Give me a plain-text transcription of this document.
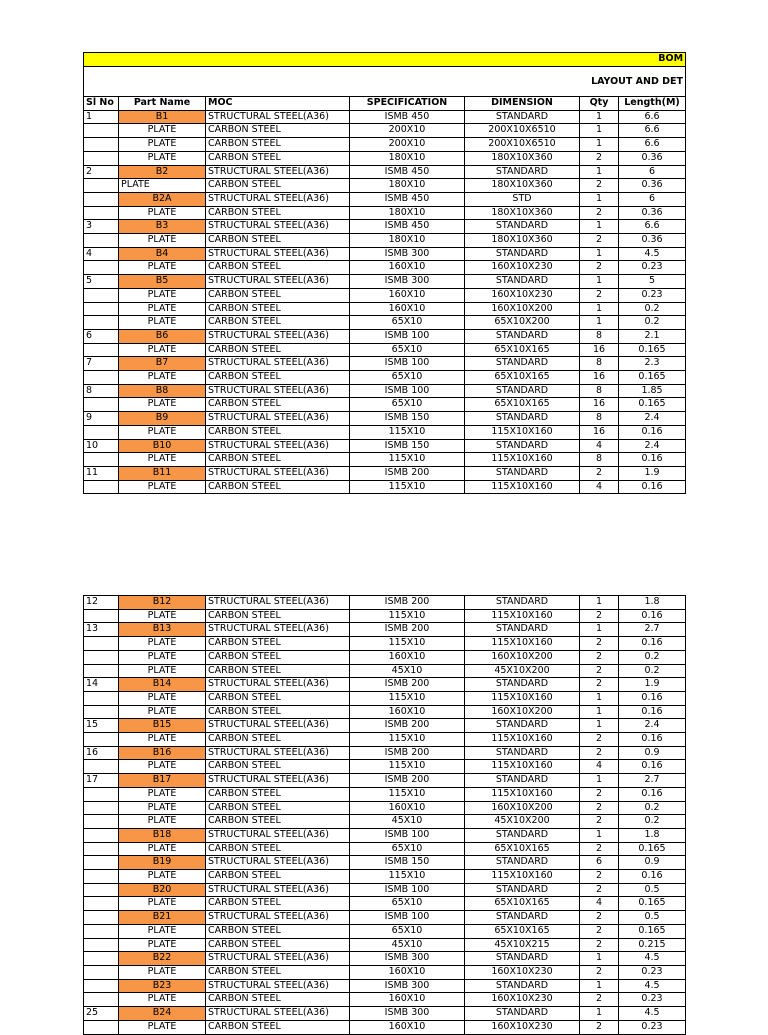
BOM						
LAYOUT AND DET						
Sl No	Part Name	MOC	SPECIFICATION	DIMENSION	Qty	Length(M)
1	B1	STRUCTURAL STEEL(A36)	ISMB 450	STANDARD	1	6.6
	PLATE	CARBON STEEL	200X10	200X10X6510	1	6.6
	PLATE	CARBON STEEL	200X10	200X10X6510	1	6.6
	PLATE	CARBON STEEL	180X10	180X10X360	2	0.36
2	B2	STRUCTURAL STEEL(A36)	ISMB 450	STANDARD	1	6
	PLATE	CARBON STEEL	180X10	180X10X360	2	0.36
	B2A	STRUCTURAL STEEL(A36)	ISMB 450	STD	1	6
	PLATE	CARBON STEEL	180X10	180X10X360	2	0.36
3	B3	STRUCTURAL STEEL(A36)	ISMB 450	STANDARD	1	6.6
	PLATE	CARBON STEEL	180X10	180X10X360	2	0.36
4	B4	STRUCTURAL STEEL(A36)	ISMB 300	STANDARD	1	4.5
	PLATE	CARBON STEEL	160X10	160X10X230	2	0.23
5	B5	STRUCTURAL STEEL(A36)	ISMB 300	STANDARD	1	5
	PLATE	CARBON STEEL	160X10	160X10X230	2	0.23
	PLATE	CARBON STEEL	160X10	160X10X200	1	0.2
	PLATE	CARBON STEEL	65X10	65X10X200	1	0.2
6	B6	STRUCTURAL STEEL(A36)	ISMB 100	STANDARD	8	2.1
	PLATE	CARBON STEEL	65X10	65X10X165	16	0.165
7	B7	STRUCTURAL STEEL(A36)	ISMB 100	STANDARD	8	2.3
	PLATE	CARBON STEEL	65X10	65X10X165	16	0.165
8	B8	STRUCTURAL STEEL(A36)	ISMB 100	STANDARD	8	1.85
	PLATE	CARBON STEEL	65X10	65X10X165	16	0.165
9	B9	STRUCTURAL STEEL(A36)	ISMB 150	STANDARD	8	2.4
	PLATE	CARBON STEEL	115X10	115X10X160	16	0.16
10	B10	STRUCTURAL STEEL(A36)	ISMB 150	STANDARD	4	2.4
	PLATE	CARBON STEEL	115X10	115X10X160	8	0.16
11	B11	STRUCTURAL STEEL(A36)	ISMB 200	STANDARD	2	1.9
	PLATE	CARBON STEEL	115X10	115X10X160	4	0.16
12	B12	STRUCTURAL STEEL(A36)	ISMB 200	STANDARD	1	1.8
	PLATE	CARBON STEEL	115X10	115X10X160	2	0.16
13	B13	STRUCTURAL STEEL(A36)	ISMB 200	STANDARD	1	2.7
	PLATE	CARBON STEEL	115X10	115X10X160	2	0.16
	PLATE	CARBON STEEL	160X10	160X10X200	2	0.2
	PLATE	CARBON STEEL	45X10	45X10X200	2	0.2
14	B14	STRUCTURAL STEEL(A36)	ISMB 200	STANDARD	2	1.9
	PLATE	CARBON STEEL	115X10	115X10X160	1	0.16
	PLATE	CARBON STEEL	160X10	160X10X200	1	0.16
15	B15	STRUCTURAL STEEL(A36)	ISMB 200	STANDARD	1	2.4
	PLATE	CARBON STEEL	115X10	115X10X160	2	0.16
16	B16	STRUCTURAL STEEL(A36)	ISMB 200	STANDARD	2	0.9
	PLATE	CARBON STEEL	115X10	115X10X160	4	0.16
17	B17	STRUCTURAL STEEL(A36)	ISMB 200	STANDARD	1	2.7
	PLATE	CARBON STEEL	115X10	115X10X160	2	0.16
	PLATE	CARBON STEEL	160X10	160X10X200	2	0.2
	PLATE	CARBON STEEL	45X10	45X10X200	2	0.2
	B18	STRUCTURAL STEEL(A36)	ISMB 100	STANDARD	1	1.8
	PLATE	CARBON STEEL	65X10	65X10X165	2	0.165
	B19	STRUCTURAL STEEL(A36)	ISMB 150	STANDARD	6	0.9
	PLATE	CARBON STEEL	115X10	115X10X160	2	0.16
	B20	STRUCTURAL STEEL(A36)	ISMB 100	STANDARD	2	0.5
	PLATE	CARBON STEEL	65X10	65X10X165	4	0.165
	B21	STRUCTURAL STEEL(A36)	ISMB 100	STANDARD	2	0.5
	PLATE	CARBON STEEL	65X10	65X10X165	2	0.165
	PLATE	CARBON STEEL	45X10	45X10X215	2	0.215
	B22	STRUCTURAL STEEL(A36)	ISMB 300	STANDARD	1	4.5
	PLATE	CARBON STEEL	160X10	160X10X230	2	0.23
	B23	STRUCTURAL STEEL(A36)	ISMB 300	STANDARD	1	4.5
	PLATE	CARBON STEEL	160X10	160X10X230	2	0.23
25	B24	STRUCTURAL STEEL(A36)	ISMB 300	STANDARD	1	4.5
	PLATE	CARBON STEEL	160X10	160X10X230	2	0.23
